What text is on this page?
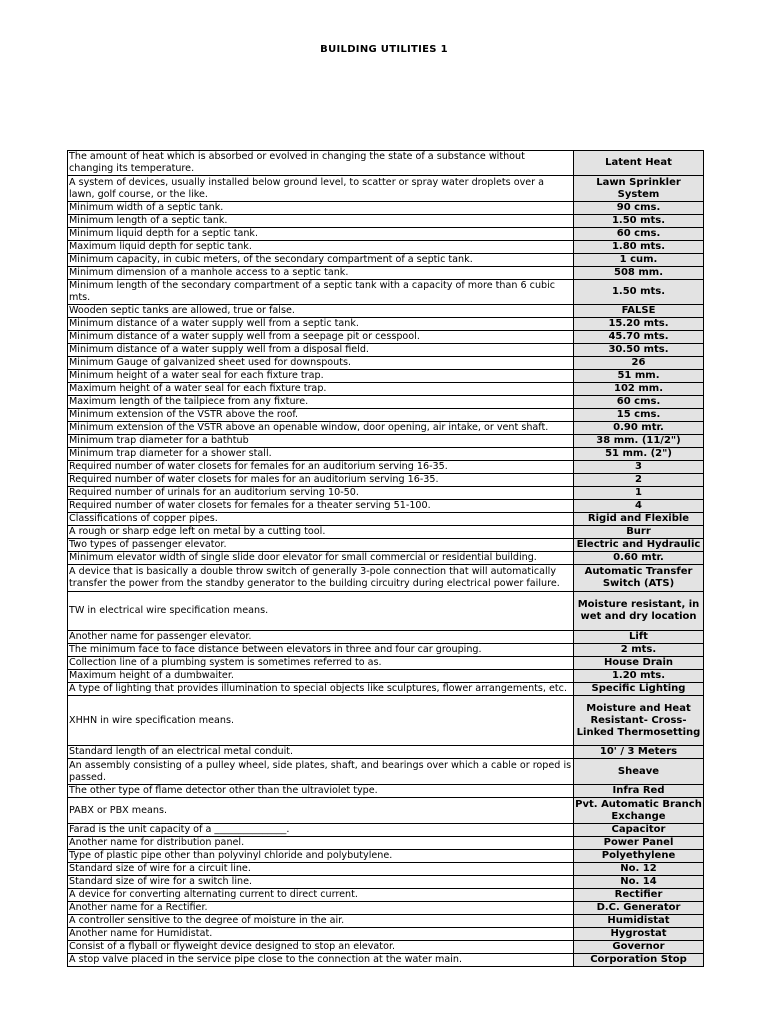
BUILDING UTILITIES 1
The amount of heat which is absorbed or evolved in changing the state of a substance without changing its temperature.	Latent Heat
A system of devices, usually installed below ground level, to scatter or spray water droplets over a lawn, golf course, or the like.	Lawn Sprinkler System
Minimum width of a septic tank.	90 cms.
Minimum length of a septic tank.	1.50 mts.
Minimum liquid depth for a septic tank.	60 cms.
Maximum liquid depth for septic tank.	1.80 mts.
Minimum capacity, in cubic meters, of the secondary compartment of a septic tank.	1 cum.
Minimum dimension of a manhole access to a septic tank.	508 mm.
Minimum length of the secondary compartment of a septic tank with a capacity of more than 6 cubic mts.	1.50 mts.
Wooden septic tanks are allowed, true or false.	FALSE
Minimum distance of a water supply well from a septic tank.	15.20 mts.
Minimum distance of a water supply well from a seepage pit or cesspool.	45.70 mts.
Minimum distance of a water supply well from a disposal field.	30.50 mts.
Minimum Gauge of galvanized sheet used for downspouts.	26
Minimum height of a water seal for each fixture trap.	51 mm.
Maximum height of a water seal for each fixture trap.	102 mm.
Maximum length of the tailpiece from any fixture.	60 cms.
Minimum extension of the VSTR above the roof.	15 cms.
Minimum extension of the VSTR above an openable window, door opening, air intake, or vent shaft.	0.90 mtr.
Minimum trap diameter for a bathtub	38 mm. (11/2")
Minimum trap diameter for a shower stall.	51 mm. (2")
Required number of water closets for females for an auditorium serving 16-35.	3
Required number of water closets for males for an auditorium serving 16-35.	2
Required number of urinals for an auditorium serving 10-50.	1
Required number of water closets for females for a theater serving 51-100.	4
Classifications of copper pipes.	Rigid and Flexible
A rough or sharp edge left on metal by a cutting tool.	Burr
Two types of passenger elevator.	Electric and Hydraulic
Minimum elevator width of single slide door elevator for small commercial or residential building.	0.60 mtr.
A device that is basically a double throw switch of generally 3-pole connection that will automatically transfer the power from the standby generator to the building circuitry during electrical power failure.	Automatic Transfer Switch (ATS)
TW in electrical wire specification means.	Moisture resistant, in wet and dry location
Another name for passenger elevator.	Lift
The minimum face to face distance between elevators in three and four car grouping.	2 mts.
Collection line of a plumbing system is sometimes referred to as.	House Drain
Maximum height of a dumbwaiter.	1.20 mts.
A type of lighting that provides illumination to special objects like sculptures, flower arrangements, etc.	Specific Lighting
XHHN in wire specification means.	Moisture and Heat Resistant- Cross-Linked Thermosetting
Standard length of an electrical metal conduit.	10' / 3 Meters
An assembly consisting of a pulley wheel, side plates, shaft, and bearings over which a cable or roped is passed.	Sheave
The other type of flame detector other than the ultraviolet type.	Infra Red
PABX or PBX means.	Pvt. Automatic Branch Exchange
Farad is the unit capacity of a _______________.	Capacitor
Another name for distribution panel.	Power Panel
Type of plastic pipe other than polyvinyl chloride and polybutylene.	Polyethylene
Standard size of wire for a circuit line.	No. 12
Standard size of wire for a switch line.	No. 14
A device for converting alternating current to direct current.	Rectifier
Another name for a Rectifier.	D.C. Generator
A controller sensitive to the degree of moisture in the air.	Humidistat
Another name for Humidistat.	Hygrostat
Consist of a flyball or flyweight device designed to stop an elevator.	Governor
A stop valve placed in the service pipe close to the connection at the water main.	Corporation Stop
